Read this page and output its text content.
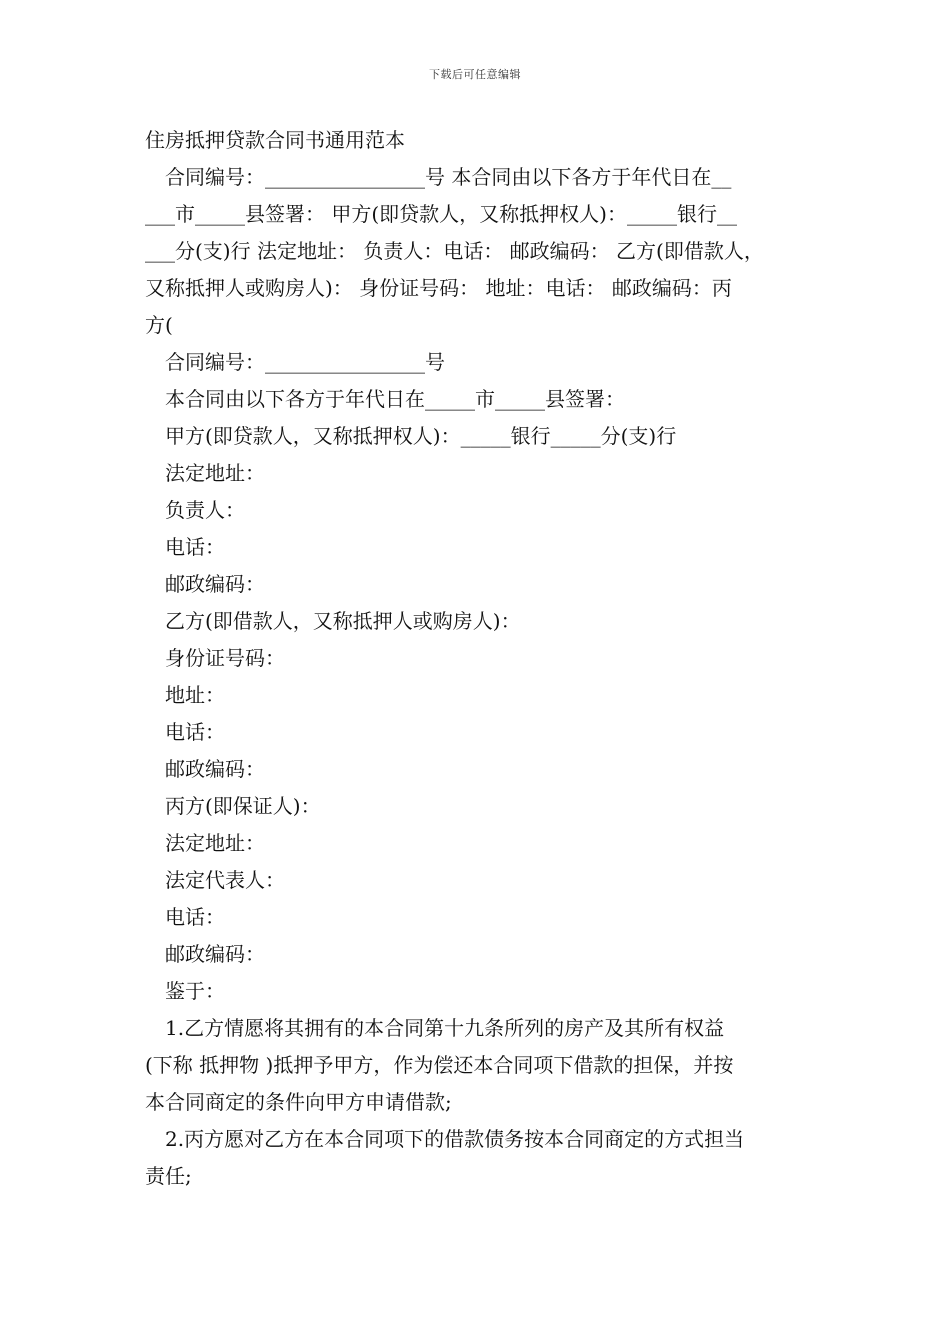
下载后可任意编辑
住房抵押贷款合同书通用范本
合同编号：________________号 本合同由以下各方于年代日在__
___市_____县签署： 甲方(即贷款人，又称抵押权人)：_____银行__
___分(支)行 法定地址： 负责人：电话： 邮政编码： 乙方(即借款人，
又称抵押人或购房人)： 身份证号码： 地址：电话： 邮政编码：丙
方(
合同编号：________________号
本合同由以下各方于年代日在_____市_____县签署：
甲方(即贷款人，又称抵押权人)：_____银行_____分(支)行
法定地址：
负责人：
电话：
邮政编码：
乙方(即借款人，又称抵押人或购房人)：
身份证号码：
地址：
电话：
邮政编码：
丙方(即保证人)：
法定地址：
法定代表人：
电话：
邮政编码：
鉴于：
1.乙方情愿将其拥有的本合同第十九条所列的房产及其所有权益
(下称 抵押物 )抵押予甲方，作为偿还本合同项下借款的担保，并按
本合同商定的条件向甲方申请借款;
2.丙方愿对乙方在本合同项下的借款债务按本合同商定的方式担当
责任;
